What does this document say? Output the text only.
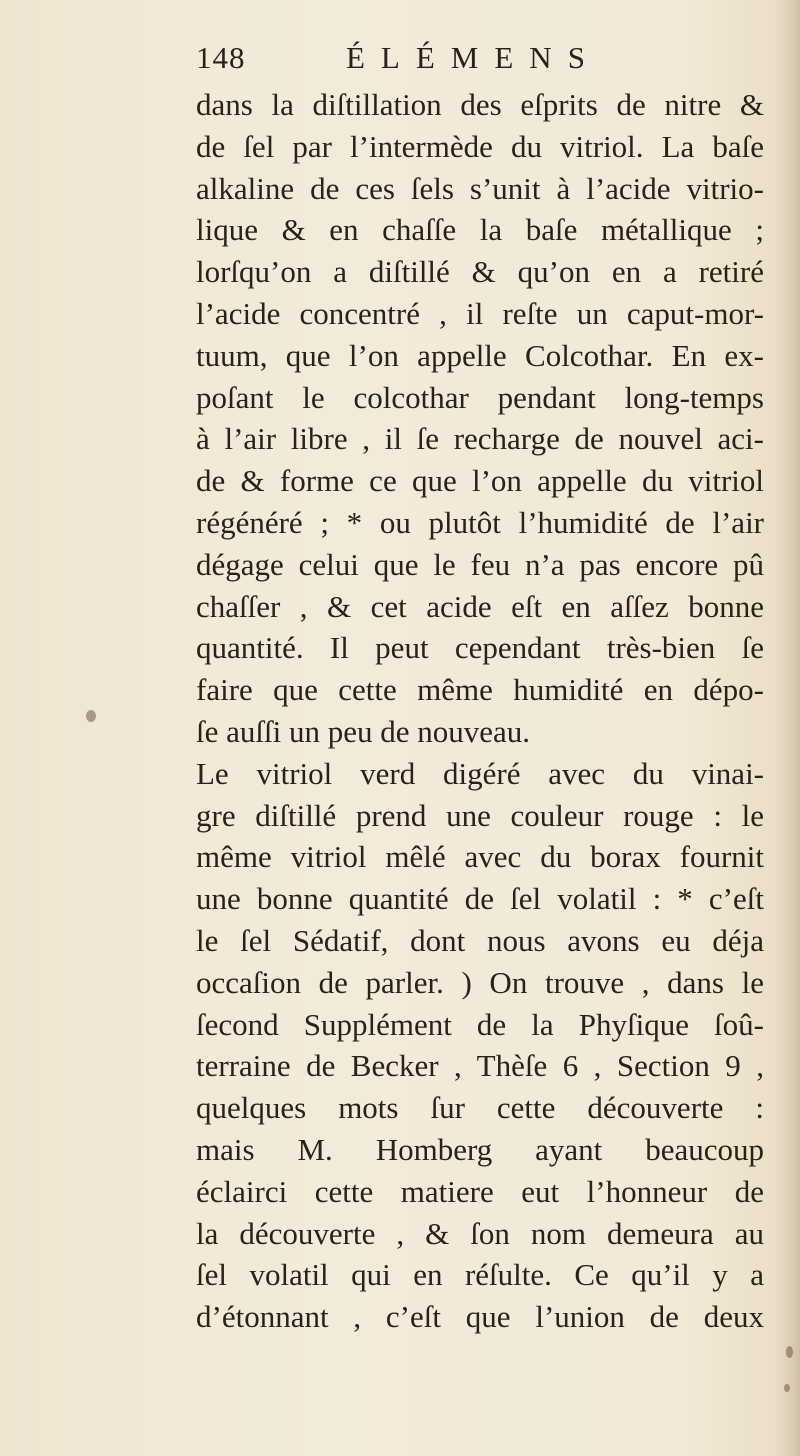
148	ÉLÉMENS
dans la diſtillation des eſprits de nitre &
de ſel par l’intermède du vitriol. La baſe
alkaline de ces ſels s’unit à l’acide vitrio-
lique & en chaſſe la baſe métallique ;
lorſqu’on a diſtillé & qu’on en a retiré
l’acide concentré , il reſte un caput-mor-
tuum, que l’on appelle Colcothar. En ex-
poſant le colcothar pendant long-temps
à l’air libre , il ſe recharge de nouvel aci-
de & forme ce que l’on appelle du vitriol
régénéré ; * ou plutôt l’humidité de l’air
dégage celui que le feu n’a pas encore pû
chaſſer , & cet acide eſt en aſſez bonne
quantité. Il peut cependant très-bien ſe
faire que cette même humidité en dépo-
ſe auſſi un peu de nouveau.
Le vitriol verd digéré avec du vinai-
gre diſtillé prend une couleur rouge : le
même vitriol mêlé avec du borax fournit
une bonne quantité de ſel volatil : * c’eſt
le ſel Sédatif, dont nous avons eu déja
occaſion de parler. ) On trouve , dans le
ſecond Supplément de la Phyſique ſoû-
terraine de Becker , Thèſe 6 , Section 9 ,
quelques mots ſur cette découverte :
mais M. Homberg ayant beaucoup
éclairci cette matiere eut l’honneur de
la découverte , & ſon nom demeura au
ſel volatil qui en réſulte. Ce qu’il y a
d’étonnant , c’eſt que l’union de deux
